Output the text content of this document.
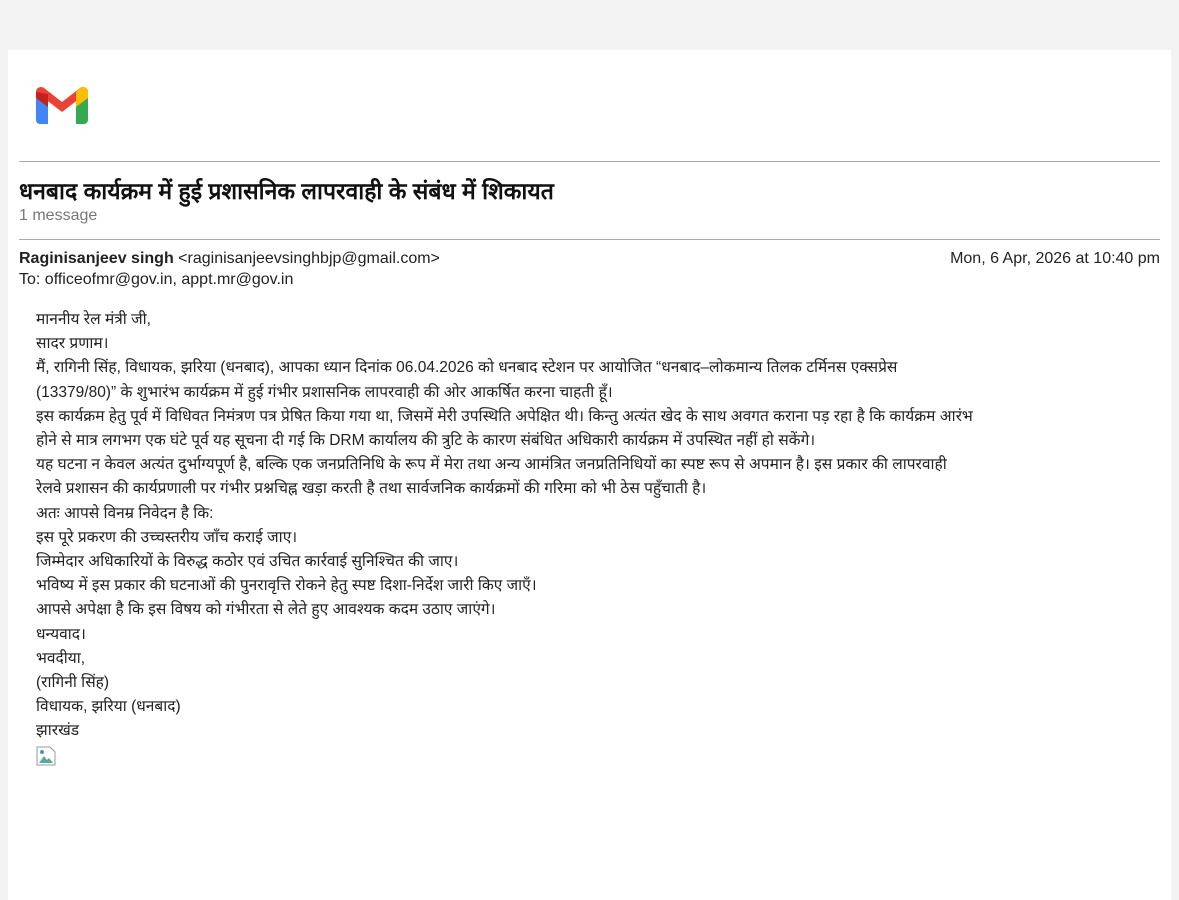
धनबाद कार्यक्रम में हुई प्रशासनिक लापरवाही के संबंध में शिकायत
1 message
Raginisanjeev singh <raginisanjeevsinghbjp@gmail.com>	Mon, 6 Apr, 2026 at 10:40 pm
To: officeofmr@gov.in, appt.mr@gov.in
माननीय रेल मंत्री जी,
सादर प्रणाम।
मैं, रागिनी सिंह, विधायक, झरिया (धनबाद), आपका ध्यान दिनांक 06.04.2026 को धनबाद स्टेशन पर आयोजित “धनबाद–लोकमान्य तिलक टर्मिनस एक्सप्रेस
(13379/80)” के शुभारंभ कार्यक्रम में हुई गंभीर प्रशासनिक लापरवाही की ओर आकर्षित करना चाहती हूँ।
इस कार्यक्रम हेतु पूर्व में विधिवत निमंत्रण पत्र प्रेषित किया गया था, जिसमें मेरी उपस्थिति अपेक्षित थी। किन्तु अत्यंत खेद के साथ अवगत कराना पड़ रहा है कि कार्यक्रम आरंभ
होने से मात्र लगभग एक घंटे पूर्व यह सूचना दी गई कि DRM कार्यालय की त्रुटि के कारण संबंधित अधिकारी कार्यक्रम में उपस्थित नहीं हो सकेंगे।
यह घटना न केवल अत्यंत दुर्भाग्यपूर्ण है, बल्कि एक जनप्रतिनिधि के रूप में मेरा तथा अन्य आमंत्रित जनप्रतिनिधियों का स्पष्ट रूप से अपमान है। इस प्रकार की लापरवाही
रेलवे प्रशासन की कार्यप्रणाली पर गंभीर प्रश्नचिह्न खड़ा करती है तथा सार्वजनिक कार्यक्रमों की गरिमा को भी ठेस पहुँचाती है।
अतः आपसे विनम्र निवेदन है कि:
इस पूरे प्रकरण की उच्चस्तरीय जाँच कराई जाए।
जिम्मेदार अधिकारियों के विरुद्ध कठोर एवं उचित कार्रवाई सुनिश्चित की जाए।
भविष्य में इस प्रकार की घटनाओं की पुनरावृत्ति रोकने हेतु स्पष्ट दिशा-निर्देश जारी किए जाएँ।
आपसे अपेक्षा है कि इस विषय को गंभीरता से लेते हुए आवश्यक कदम उठाए जाएंगे।
धन्यवाद।
भवदीया,
(रागिनी सिंह)
विधायक, झरिया (धनबाद)
झारखंड
